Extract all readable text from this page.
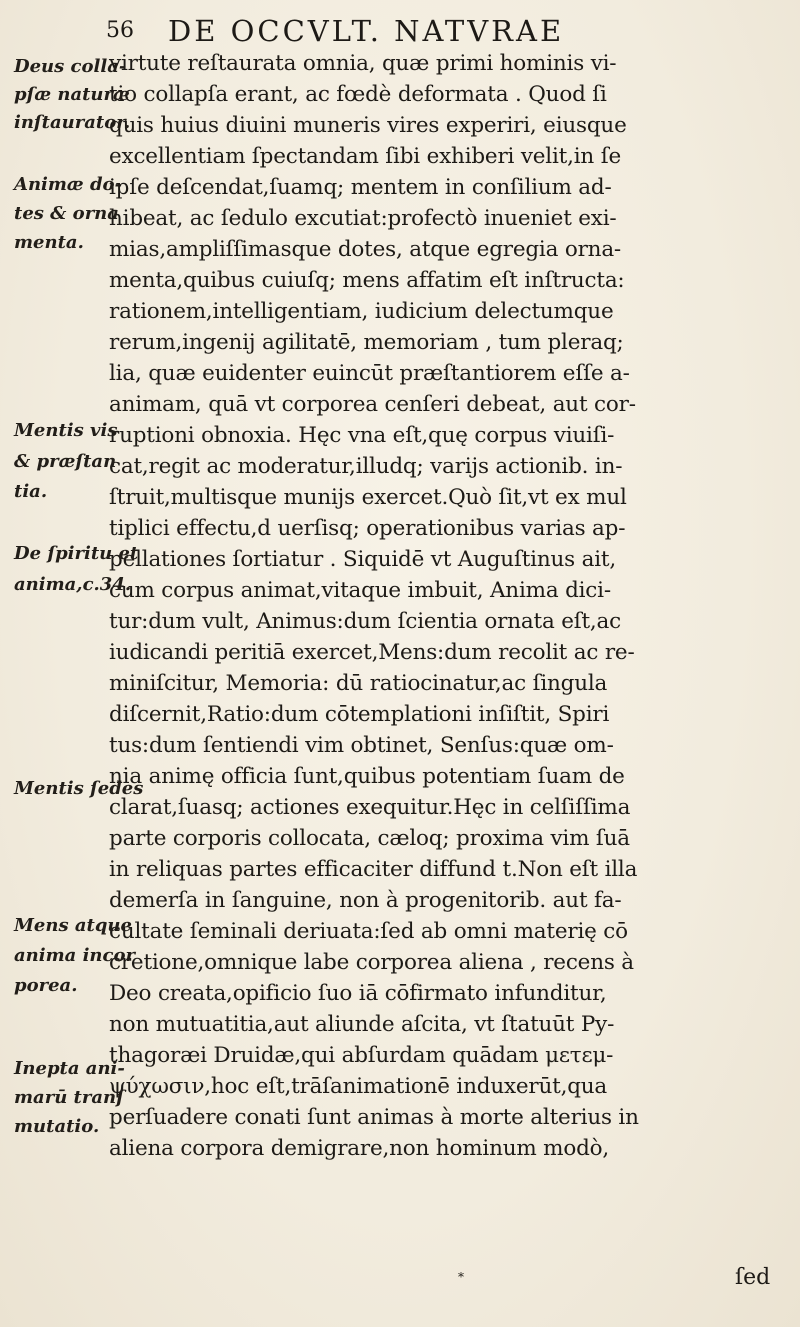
56 DE OCCVLT. NATVRAE
virtute reſtaurata omnia, quæ primi hominis vi-
tio collapſa erant, ac fœdè deformata . Quod ſi
quis huius diuini muneris vires experiri, eiusque
excellentiam ſpectandam ſibi exhiberi velit,in ſe
ipſe deſcendat,ſuamq; mentem in conſilium ad-
hibeat, ac ſedulo excutiat:profectò inueniet exi-
mias,ampliſſimasque dotes, atque egregia orna-
menta,quibus cuiuſq; mens affatim eſt inſtructa:
rationem,intelligentiam, iudicium delectumque
rerum,ingenij agilitatē, memoriam , tum pleraq;
lia, quæ euidenter euincūt præſtantiorem eſſe a-
animam, quā vt corporea cenſeri debeat, aut cor-
ruptioni obnoxia. Hęc vna eſt,quę corpus viuiſi-
cat,regit ac moderatur,illudq; varijs actionib. in-
ſtruit,multisque munijs exercet.Quò ſit,vt ex mul
tiplici effectu,d uerſisq; operationibus varias ap-
pellationes ſortiatur . Siquidē vt Auguſtinus ait,
cum corpus animat,vitaque imbuit, Anima dici-
tur:dum vult, Animus:dum ſcientia ornata eſt,ac
iudicandi peritiā exercet,Mens:dum recolit ac re-
miniſcitur, Memoria: dū ratiocinatur,ac ſingula
diſcernit,Ratio:dum cōtemplationi inſiſtit, Spiri
tus:dum ſentiendi vim obtinet, Senſus:quæ om-
nia animę officia ſunt,quibus potentiam ſuam de
clarat,ſuasq; actiones exequitur.Hęc in celſiſſima
parte corporis collocata, cæloq; proxima vim ſuā
in reliquas partes efficaciter diffund t.Non eſt illa
demerſa in ſanguine, non à progenitorib. aut fa-
cultate ſeminali deriuata:ſed ab omni materię cō
cretione,omnique labe corporea aliena , recens à
Deo creata,opificio ſuo iā cōfirmato infunditur,
non mutuatitia,aut aliunde aſcita, vt ſtatuūt Py-
thagoræi Druidæ,qui abſurdam quādam μετεμ-
ψύχωσιν,hoc eſt,trāſanimationē induxerūt,qua
perſuadere conati ſunt animas à morte alterius in
aliena corpora demigrare,non hominum modò,
Deus colla-
pſæ naturæ
inſtaurator.
Animæ do-
tes & orna
menta.
Mentis vis
& præſtan
tia.
De ſpiritu et
anima,c.34.
Mentis ſedes
Mens atque
anima incor
porea.
Inepta ani-
marū tranſ
mutatio.
*	ſed
